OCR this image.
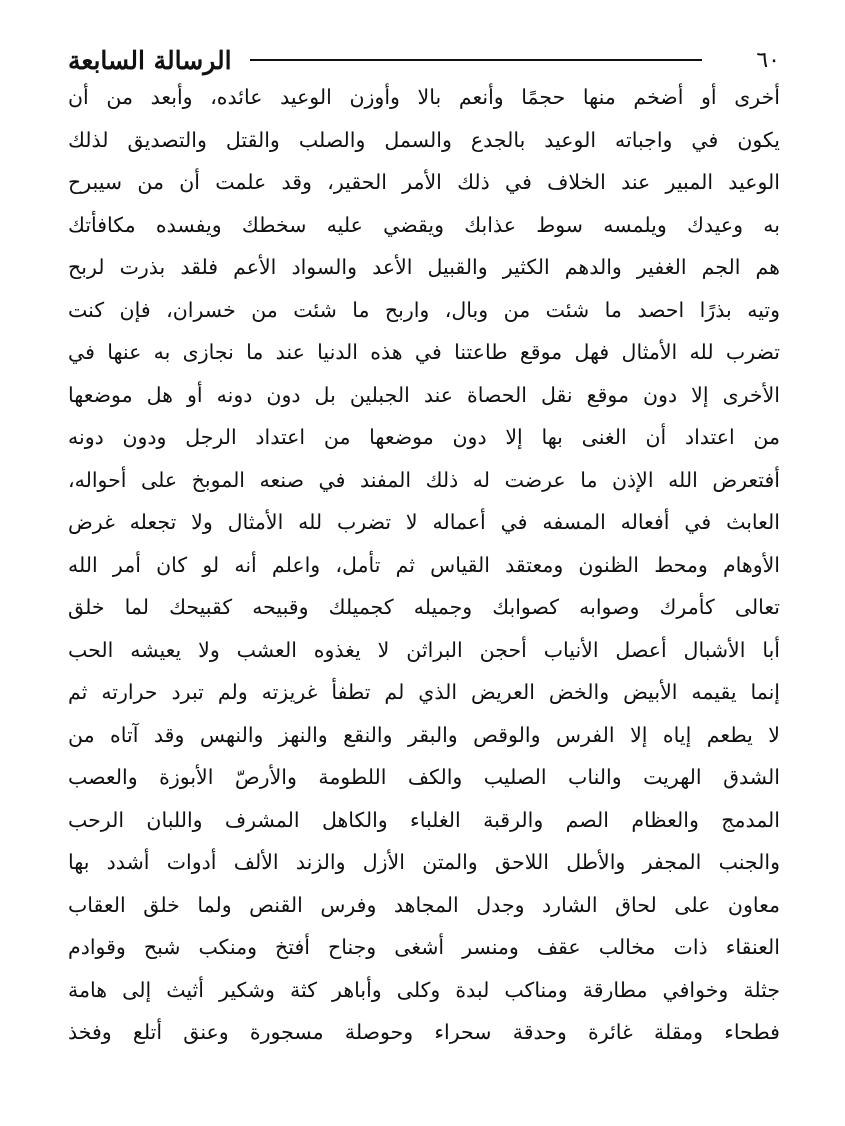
٦٠
الرسالة السابعة
أخرى أو أضخم منها حجمًا وأنعم بالا وأوزن الوعيد عائده، وأبعد من أن
يكون في واجباته الوعيد بالجدع والسمل والصلب والقتل والتصديق لذلك
الوعيد المبير عند الخلاف في ذلك الأمر الحقير، وقد علمت أن من سيبرح
به وعيدك ويلمسه سوط عذابك ويقضي عليه سخطك ويفسده مكافأتك
هم الجم الغفير والدهم الكثير والقبيل الأعد والسواد الأعم فلقد بذرت لربح
وتيه بذرًا احصد ما شئت من وبال، واربح ما شئت من خسران، فإن كنت
تضرب لله الأمثال فهل موقع طاعتنا في هذه الدنيا عند ما نجازى به عنها في
الأخرى إلا دون موقع نقل الحصاة عند الجبلين بل دون دونه أو هل موضعها
من اعتداد أن الغنى بها إلا دون موضعها من اعتداد الرجل ودون دونه
أفتعرض الله الإذن ما عرضت له ذلك المفند في صنعه الموبخ على أحواله،
العابث في أفعاله المسفه في أعماله لا تضرب لله الأمثال ولا تجعله غرض
الأوهام ومحط الظنون ومعتقد القياس ثم تأمل، واعلم أنه لو كان أمر الله
تعالى كأمرك وصوابه كصوابك وجميله كجميلك وقبيحه كقبيحك لما خلق
أبا الأشبال أعصل الأنياب أحجن البراثن لا يغذوه العشب ولا يعيشه الحب
إنما يقيمه الأبيض والخض العريض الذي لم تطفأ غريزته ولم تبرد حرارته ثم
لا يطعم إياه إلا الفرس والوقص والبقر والنقع والنهز والنهس وقد آتاه من
الشدق الهريت والناب الصليب والكف اللطومة والأرصّ الأبوزة والعصب
المدمج والعظام الصم والرقبة الغلباء والكاهل المشرف واللبان الرحب
والجنب المجفر والأطل اللاحق والمتن الأزل والزند الألف أدوات أشدد بها
معاون على لحاق الشارد وجدل المجاهد وفرس القنص ولما خلق العقاب
العنقاء ذات مخالب عقف ومنسر أشغى وجناح أفتخ ومنكب شبح وقوادم
جثلة وخوافي مطارقة ومناكب لبدة وكلى وأباهر كثة وشكير أثيث إلى هامة
فطحاء ومقلة غائرة وحدقة سحراء وحوصلة مسجورة وعنق أتلع وفخذ
